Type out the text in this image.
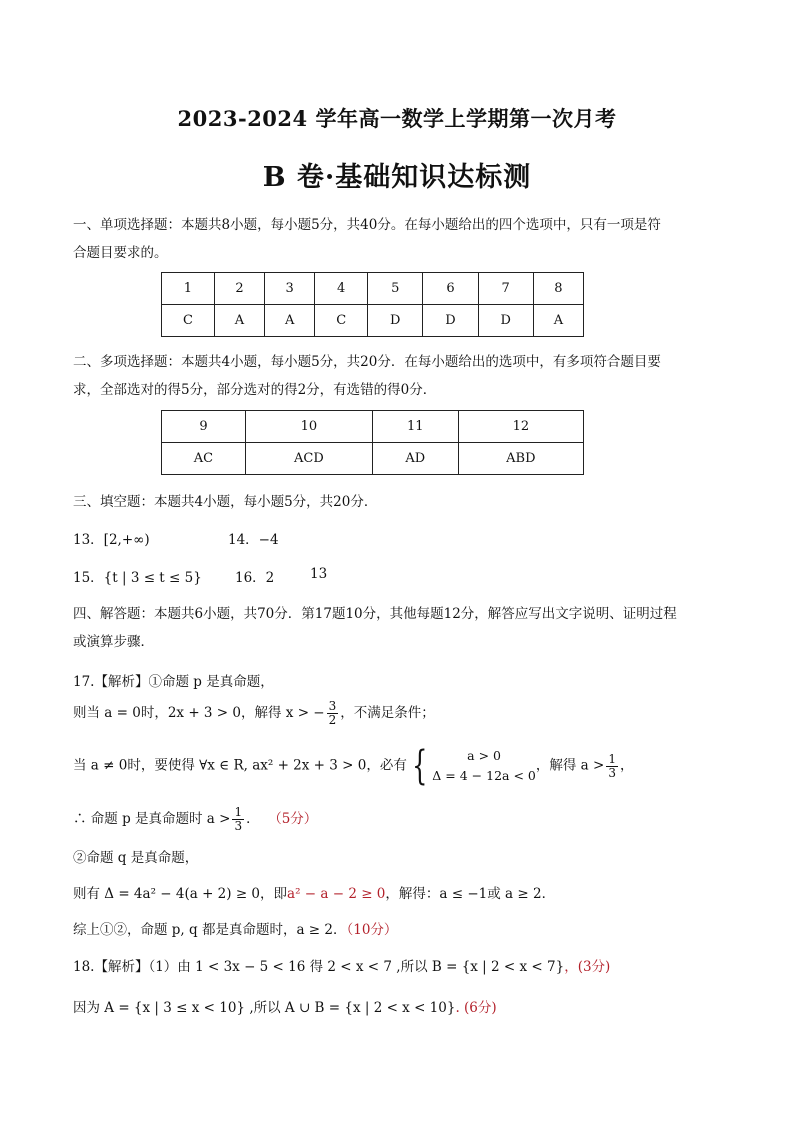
2023-2024 学年高一数学上学期第一次月考
B 卷·基础知识达标测
一、单项选择题：本题共8小题，每小题5分，共40分。在每小题给出的四个选项中，只有一项是符
合题目要求的。
1	2	3	4	5	6	7	8
C	A	A	C	D	D	D	A
二、多项选择题：本题共4小题，每小题5分，共20分．在每小题给出的选项中，有多项符合题目要
求，全部选对的得5分，部分选对的得2分，有选错的得0分．
9	10	11	12
AC	ACD	AD	ABD
三、填空题：本题共4小题，每小题5分，共20分．
13．[2,+∞)	14．−4
15．{t | 3 ≤ t ≤ 5} 16．2	13
四、解答题：本题共6小题，共70分．第17题10分，其他每题12分，解答应写出文字说明、证明过程
或演算步骤．
17.【解析】①命题 p 是真命题，
则当 a = 0时，2x + 3 > 0，解得 x > − $\frac{3}{2}$ ，不满足条件；
当 a ≠ 0时，要使得 ∀x ∈ R, ax² + 2x + 3 > 0，必有 {	a > 0
Δ = 4 − 12a < 0
，解得 $a > \frac{1}{3}$ ，
∴ 命题 p 是真命题时 $a > \frac{1}{3}$ ． （5分）
②命题 q 是真命题，
则有 Δ = 4a² − 4(a + 2) ≥ 0，即a² − a − 2 ≥ 0，解得：a ≤ −1或 a ≥ 2．
综上①②，命题 p, q 都是真命题时，a ≥ 2．（10分）
18.【解析】（1）由 1 < 3x − 5 < 16 得 2 < x < 7 ,所以 B = {x | 2 < x < 7}，(3分)
因为 A = {x | 3 ≤ x < 10} ,所以 A ∪ B = {x | 2 < x < 10}. (6分)
